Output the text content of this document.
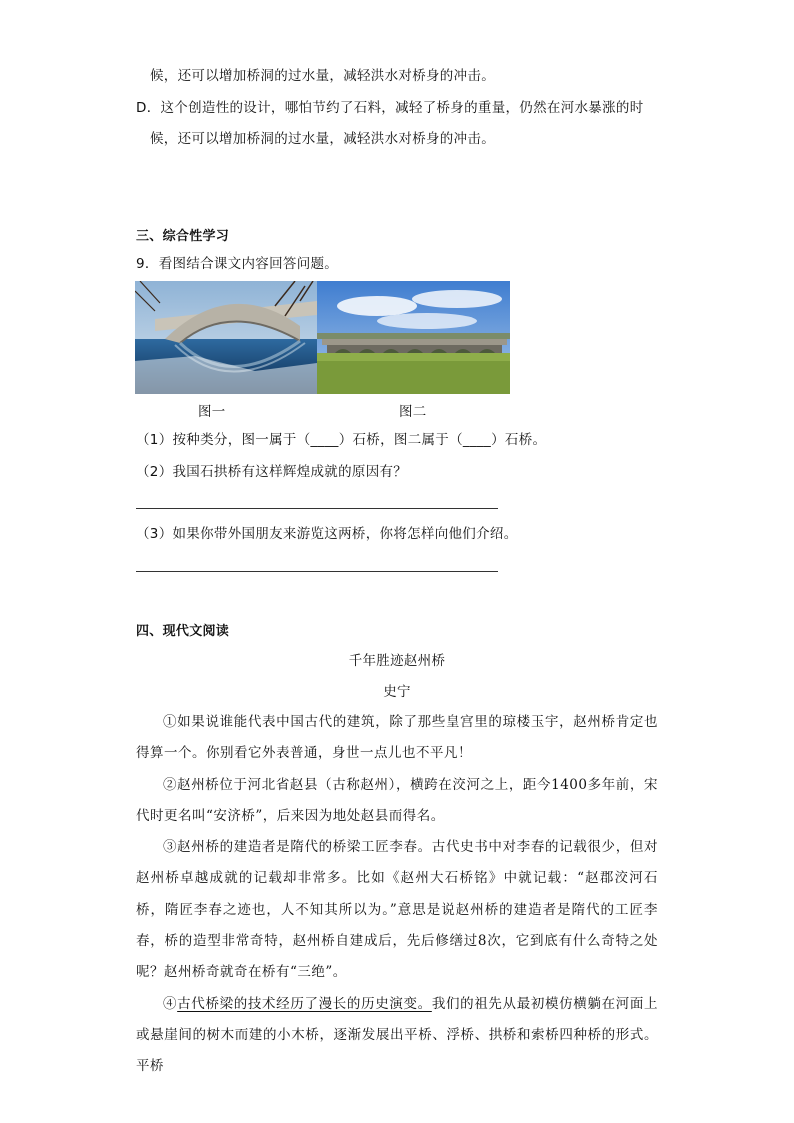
候，还可以增加桥洞的过水量，减轻洪水对桥身的冲击。
D．这个创造性的设计，哪怕节约了石料，减轻了桥身的重量，仍然在河水暴涨的时
候，还可以增加桥洞的过水量，减轻洪水对桥身的冲击。
三、综合性学习
9．看图结合课文内容回答问题。
图一	图二
（1）按种类分，图一属于（____）石桥，图二属于（____）石桥。
（2）我国石拱桥有这样辉煌成就的原因有？
（3）如果你带外国朋友来游览这两桥，你将怎样向他们介绍。
四、现代文阅读
千年胜迹赵州桥
史宁

①如果说谁能代表中国古代的建筑，除了那些皇宫里的琼楼玉宇，赵州桥肯定也得算一个。你别看它外表普通，身世一点儿也不平凡！

②赵州桥位于河北省赵县（古称赵州），横跨在洨河之上，距今1400多年前，宋代时更名叫“安济桥”，后来因为地处赵县而得名。

③赵州桥的建造者是隋代的桥梁工匠李春。古代史书中对李春的记载很少，但对赵州桥卓越成就的记载却非常多。比如《赵州大石桥铭》中就记载：“赵郡洨河石桥，隋匠李春之迹也，人不知其所以为。”意思是说赵州桥的建造者是隋代的工匠李春，桥的造型非常奇特，赵州桥自建成后，先后修缮过8次，它到底有什么奇特之处呢？赵州桥奇就奇在桥有“三绝”。

④古代桥梁的技术经历了漫长的历史演变。我们的祖先从最初模仿横躺在河面上或悬崖间的树木而建的小木桥，逐渐发展出平桥、浮桥、拱桥和索桥四种桥的形式。平桥
